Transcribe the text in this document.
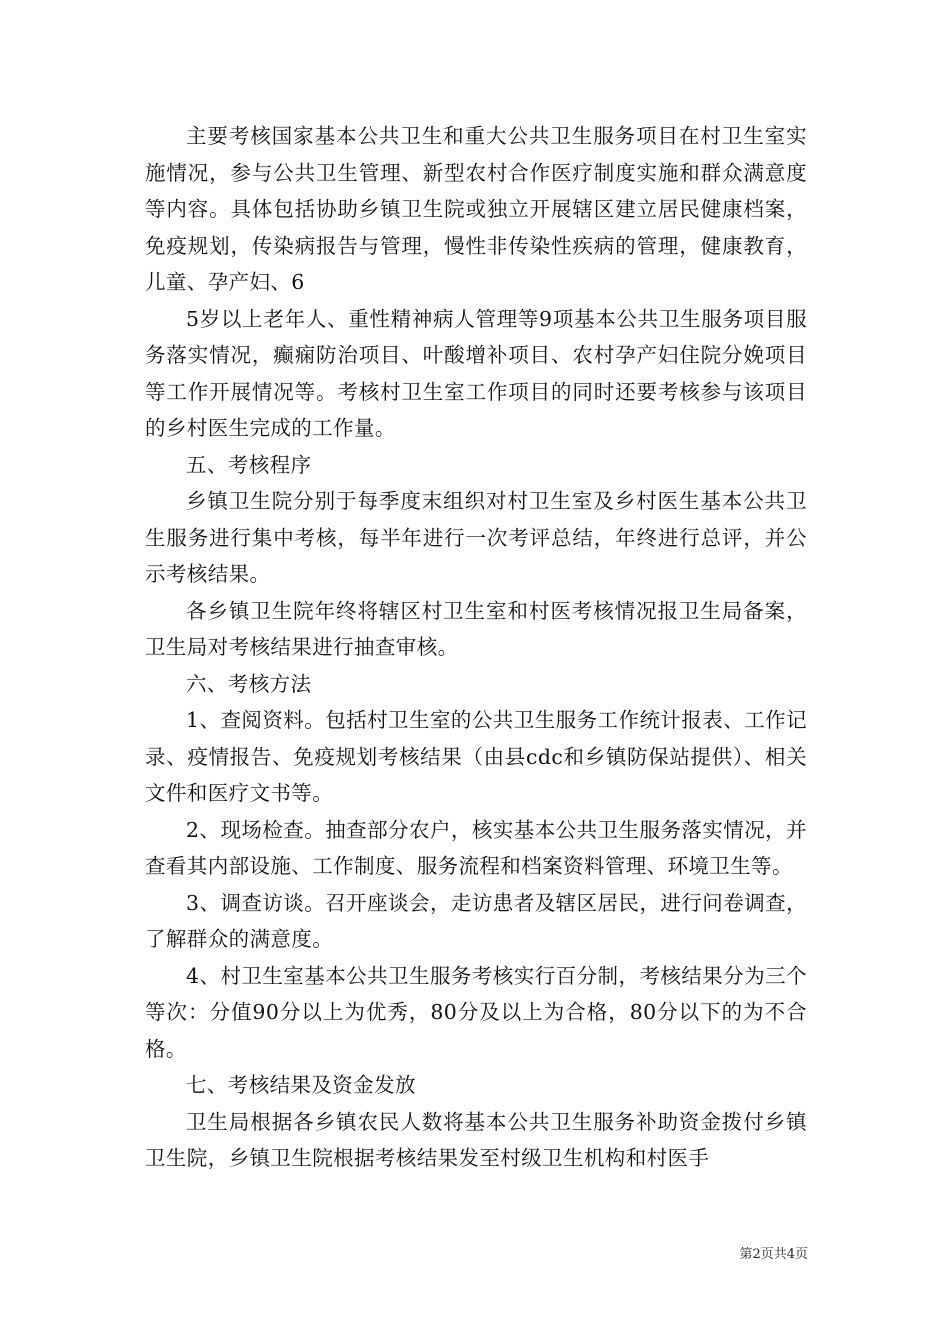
主要考核国家基本公共卫生和重大公共卫生服务项目在村卫生室实施情况，参与公共卫生管理、新型农村合作医疗制度实施和群众满意度等内容。具体包括协助乡镇卫生院或独立开展辖区建立居民健康档案，免疫规划，传染病报告与管理，慢性非传染性疾病的管理，健康教育，儿童、孕产妇、6

5岁以上老年人、重性精神病人管理等9项基本公共卫生服务项目服务落实情况，癫痫防治项目、叶酸增补项目、农村孕产妇住院分娩项目等工作开展情况等。考核村卫生室工作项目的同时还要考核参与该项目的乡村医生完成的工作量。

五、考核程序

乡镇卫生院分别于每季度末组织对村卫生室及乡村医生基本公共卫生服务进行集中考核，每半年进行一次考评总结，年终进行总评，并公示考核结果。

各乡镇卫生院年终将辖区村卫生室和村医考核情况报卫生局备案，卫生局对考核结果进行抽查审核。

六、考核方法

1、查阅资料。包括村卫生室的公共卫生服务工作统计报表、工作记录、疫情报告、免疫规划考核结果（由县cdc和乡镇防保站提供）、相关文件和医疗文书等。

2、现场检查。抽查部分农户，核实基本公共卫生服务落实情况，并查看其内部设施、工作制度、服务流程和档案资料管理、环境卫生等。

3、调查访谈。召开座谈会，走访患者及辖区居民，进行问卷调查，了解群众的满意度。

4、村卫生室基本公共卫生服务考核实行百分制，考核结果分为三个等次：分值90分以上为优秀，80分及以上为合格，80分以下的为不合格。

七、考核结果及资金发放

卫生局根据各乡镇农民人数将基本公共卫生服务补助资金拨付乡镇卫生院，乡镇卫生院根据考核结果发至村级卫生机构和村医手

第2页共4页
